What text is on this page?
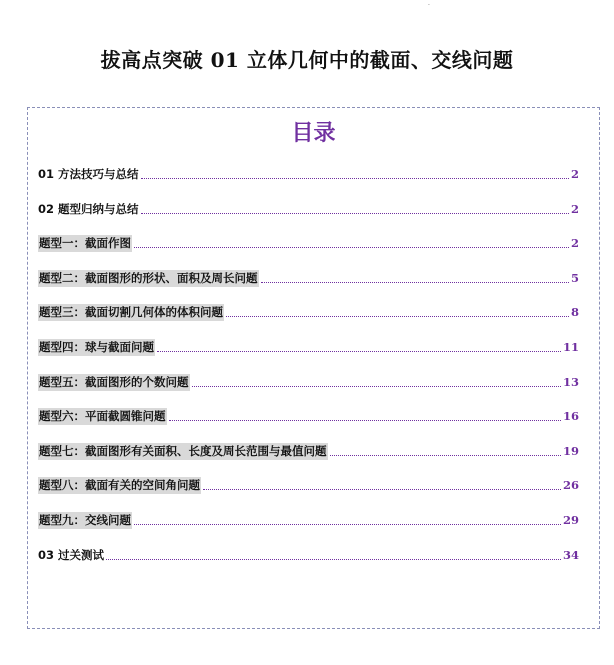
·
拔高点突破 01 立体几何中的截面、交线问题
目录
01 方法技巧与总结	2
02 题型归纳与总结	2
题型一：截面作图	2
题型二：截面图形的形状、面积及周长问题	5
题型三：截面切割几何体的体积问题	8
题型四：球与截面问题	11
题型五：截面图形的个数问题	13
题型六：平面截圆锥问题	16
题型七：截面图形有关面积、长度及周长范围与最值问题	19
题型八：截面有关的空间角问题	26
题型九：交线问题	29
03 过关测试	34
